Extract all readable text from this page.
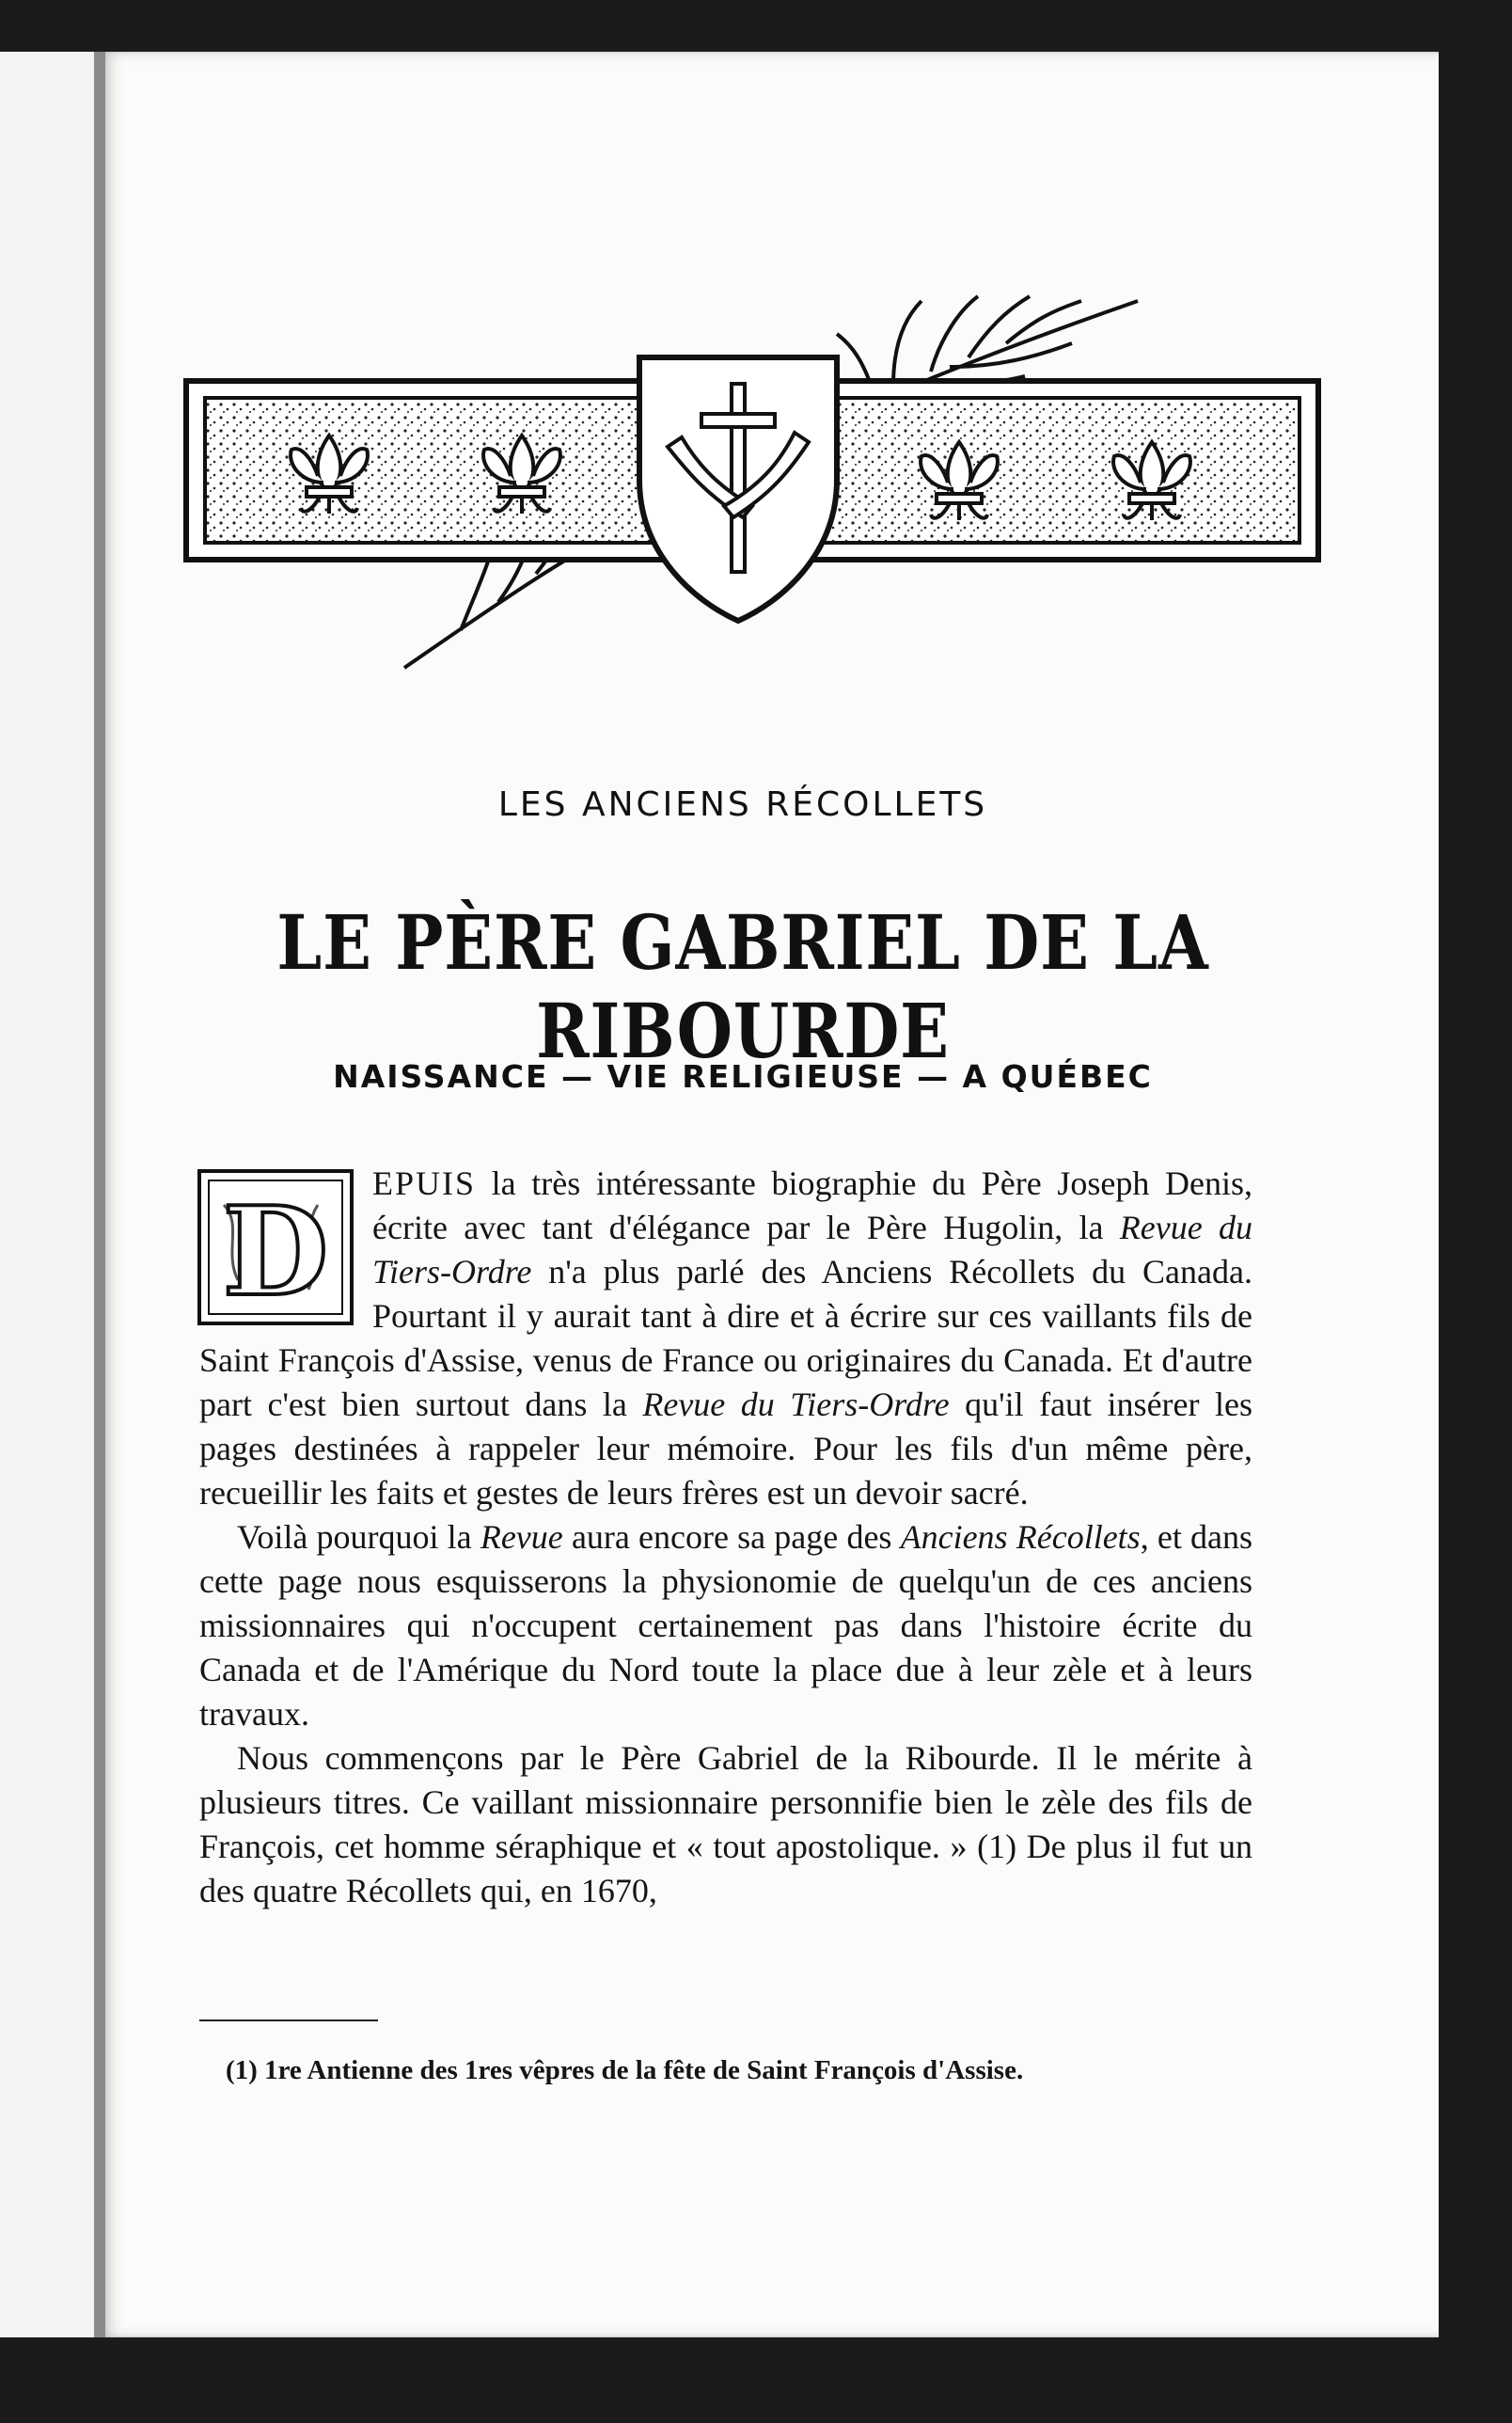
LES ANCIENS RÉCOLLETS
LE PÈRE GABRIEL DE LA RIBOURDE
NAISSANCE — VIE RELIGIEUSE — A QUÉBEC

D EPUIS la très intéressante biographie du Père Joseph Denis, écrite avec tant d'élégance par le Père Hugolin, la Revue du Tiers-Ordre n'a plus parlé des Anciens Récollets du Canada. Pourtant il y aurait tant à dire et à écrire sur ces vaillants fils de Saint François d'Assise, venus de France ou originaires du Canada. Et d'autre part c'est bien surtout dans la Revue du Tiers-Ordre qu'il faut insérer les pages destinées à rappeler leur mémoire. Pour les fils d'un même père, recueillir les faits et gestes de leurs frères est un devoir sacré.

Voilà pourquoi la Revue aura encore sa page des Anciens Récollets, et dans cette page nous esquisserons la physionomie de quelqu'un de ces anciens missionnaires qui n'occupent certainement pas dans l'histoire écrite du Canada et de l'Amérique du Nord toute la place due à leur zèle et à leurs travaux.

Nous commençons par le Père Gabriel de la Ribourde. Il le mérite à plusieurs titres. Ce vaillant missionnaire personnifie bien le zèle des fils de François, cet homme séraphique et « tout apostolique. » (1) De plus il fut un des quatre Récollets qui, en 1670,

(1) 1re Antienne des 1res vêpres de la fête de Saint François d'Assise.
